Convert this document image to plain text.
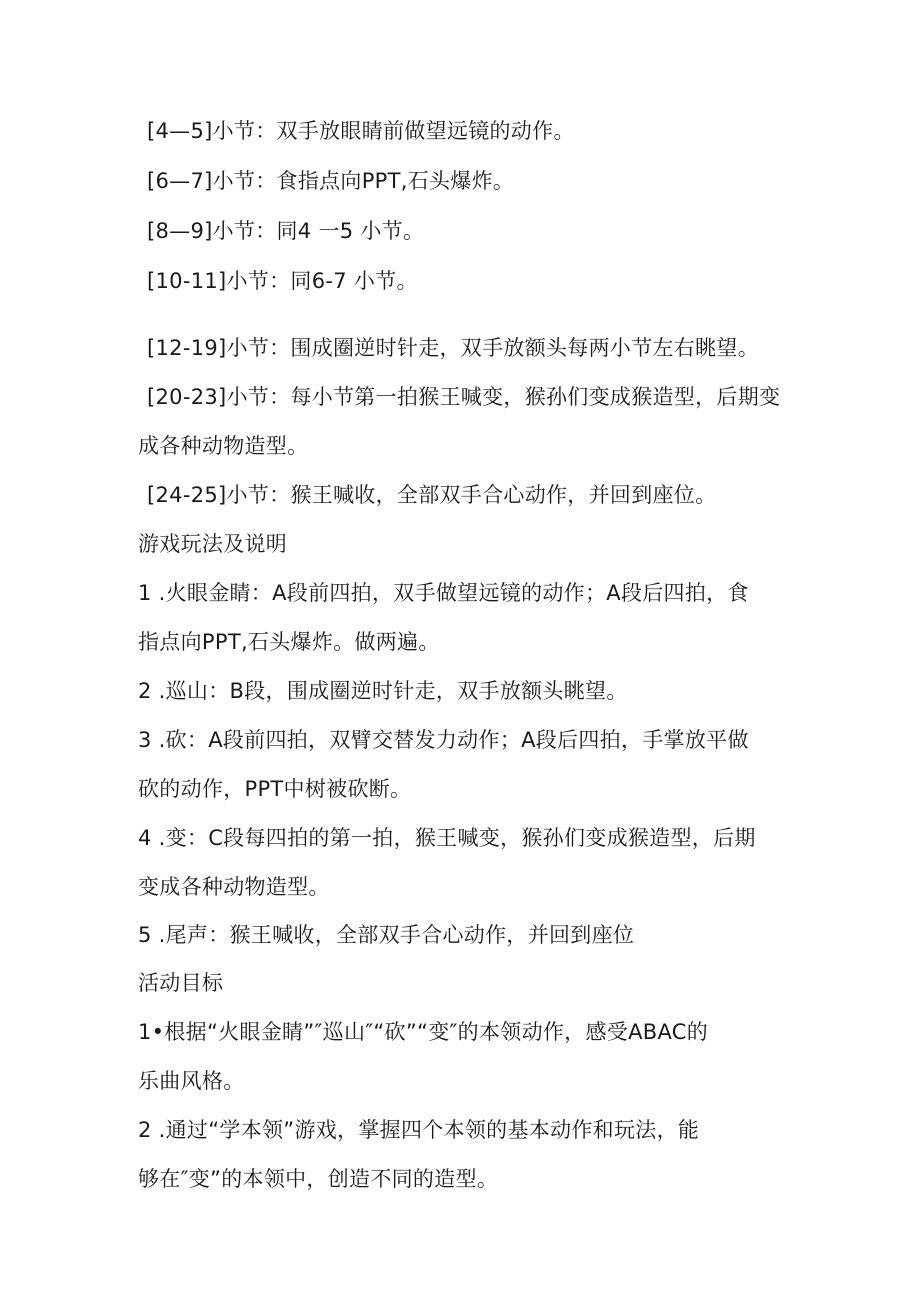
[4—5]小节：双手放眼睛前做望远镜的动作。
[6—7]小节：食指点向PPT,石头爆炸。
[8—9]小节：同4 一5 小节。
[10-11]小节：同6-7 小节。
[12-19]小节：围成圈逆时针走，双手放额头每两小节左右眺望。
[20-23]小节：每小节第一拍猴王喊变，猴孙们变成猴造型，后期变
成各种动物造型。
[24-25]小节：猴王喊收，全部双手合心动作，并回到座位。
游戏玩法及说明
1 .火眼金睛：A段前四拍，双手做望远镜的动作；A段后四拍，食
指点向PPT,石头爆炸。做两遍。
2 .巡山：B段，围成圈逆时针走，双手放额头眺望。
3 .砍：A段前四拍，双臂交替发力动作；A段后四拍，手掌放平做
砍的动作，PPT中树被砍断。
4 .变：C段每四拍的第一拍，猴王喊变，猴孙们变成猴造型，后期
变成各种动物造型。
5 .尾声：猴王喊收，全部双手合心动作，并回到座位
活动目标
1•根据“火眼金睛”″巡山″“砍”“变″的本领动作，感受ABAC的
乐曲风格。
2 .通过“学本领”游戏，掌握四个本领的基本动作和玩法，能
够在″变”的本领中，创造不同的造型。
